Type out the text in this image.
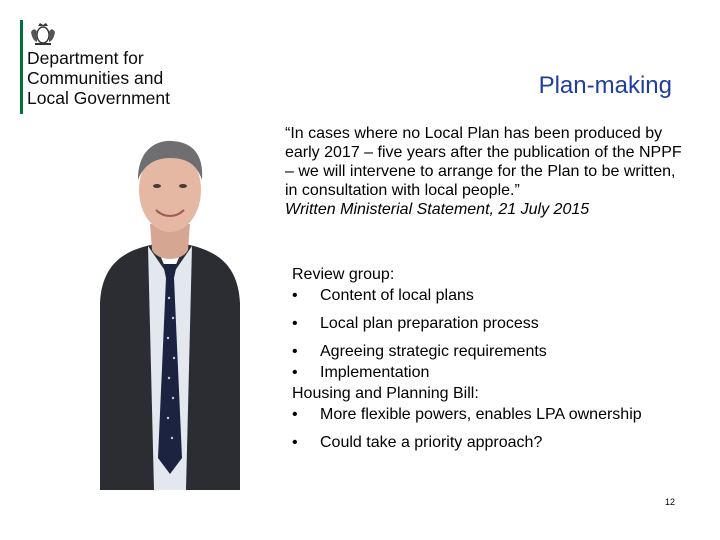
Department for
Communities and
Local Government	Plan-making
“In cases where no Local Plan has been produced by early 2017 – five years after the publication of the NPPF – we will intervene to arrange for the Plan to be written, in consultation with local people.”
Written Ministerial Statement, 21 July 2015
Review group:
•	Content of local plans
•	Local plan preparation process
•	Agreeing strategic requirements
•	Implementation
Housing and Planning Bill:
•	More flexible powers, enables LPA ownership
•	Could take a priority approach?
12
